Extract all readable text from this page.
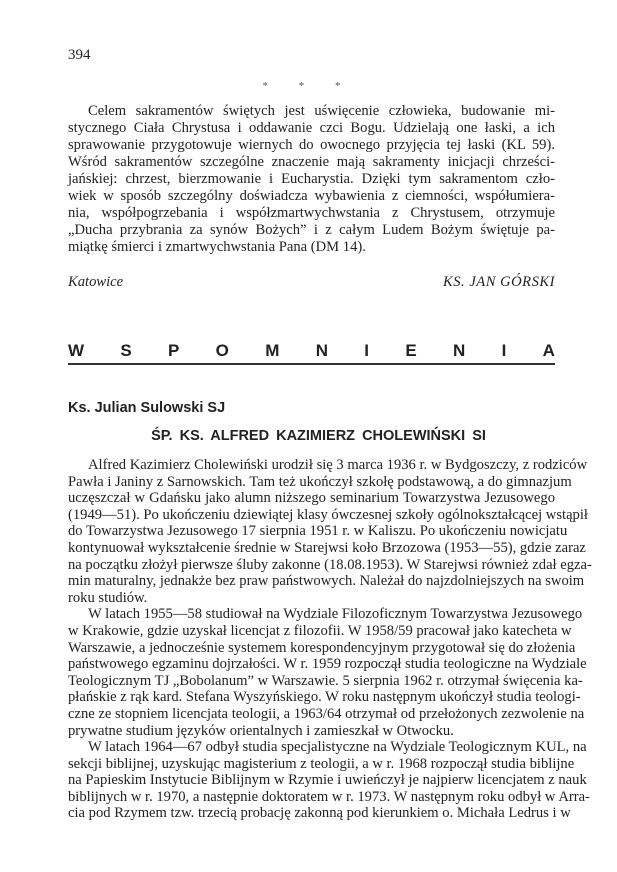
394
* * *
Celem sakramentów świętych jest uświęcenie człowieka, budowanie mi-
stycznego Ciała Chrystusa i oddawanie czci Bogu. Udzielają one łaski, a ich
sprawowanie przygotowuje wiernych do owocnego przyjęcia tej łaski (KL 59).
Wśród sakramentów szczególne znaczenie mają sakramenty inicjacji chrześci-
jańskiej: chrzest, bierzmowanie i Eucharystia. Dzięki tym sakramentom czło-
wiek w sposób szczególny doświadcza wybawienia z ciemności, współumiera-
nia, współpogrzebania i współzmartwychwstania z Chrystusem, otrzymuje
„Ducha przybrania za synów Bożych” i z całym Ludem Bożym świętuje pa-
miątkę śmierci i zmartwychwstania Pana (DM 14).
Katowice	KS. JAN GÓRSKI
W S P O M N I E N I A
Ks. Julian Sulowski SJ
ŚP. KS. ALFRED KAZIMIERZ CHOLEWIŃSKI SI
Alfred Kazimierz Cholewiński urodził się 3 marca 1936 r. w Bydgoszczy, z rodziców
Pawła i Janiny z Sarnowskich. Tam też ukończył szkołę podstawową, a do gimnazjum
uczęszczał w Gdańsku jako alumn niższego seminarium Towarzystwa Jezusowego
(1949—51). Po ukończeniu dziewiątej klasy ówczesnej szkoły ogólnokształcącej wstąpił
do Towarzystwa Jezusowego 17 sierpnia 1951 r. w Kaliszu. Po ukończeniu nowicjatu
kontynuował wykształcenie średnie w Starejwsi koło Brzozowa (1953—55), gdzie zaraz
na początku złożył pierwsze śluby zakonne (18.08.1953). W Starejwsi również zdał egza-
min maturalny, jednakże bez praw państwowych. Należał do najzdolniejszych na swoim
roku studiów.
W latach 1955—58 studiował na Wydziale Filozoficznym Towarzystwa Jezusowego
w Krakowie, gdzie uzyskał licencjat z filozofii. W 1958/59 pracował jako katecheta w
Warszawie, a jednocześnie systemem korespondencyjnym przygotował się do złożenia
państwowego egzaminu dojrzałości. W r. 1959 rozpoczął studia teologiczne na Wydziale
Teologicznym TJ „Bobolanum” w Warszawie. 5 sierpnia 1962 r. otrzymał święcenia ka-
płańskie z rąk kard. Stefana Wyszyńskiego. W roku następnym ukończył studia teologi-
czne ze stopniem licencjata teologii, a 1963/64 otrzymał od przełożonych zezwolenie na
prywatne studium języków orientalnych i zamieszkał w Otwocku.
W latach 1964—67 odbył studia specjalistyczne na Wydziale Teologicznym KUL, na
sekcji biblijnej, uzyskując magisterium z teologii, a w r. 1968 rozpoczął studia biblijne
na Papieskim Instytucie Biblijnym w Rzymie i uwieńczył je najpierw licencjatem z nauk
biblijnych w r. 1970, a następnie doktoratem w r. 1973. W następnym roku odbył w Arra-
cia pod Rzymem tzw. trzecią probację zakonną pod kierunkiem o. Michała Ledrus i w
